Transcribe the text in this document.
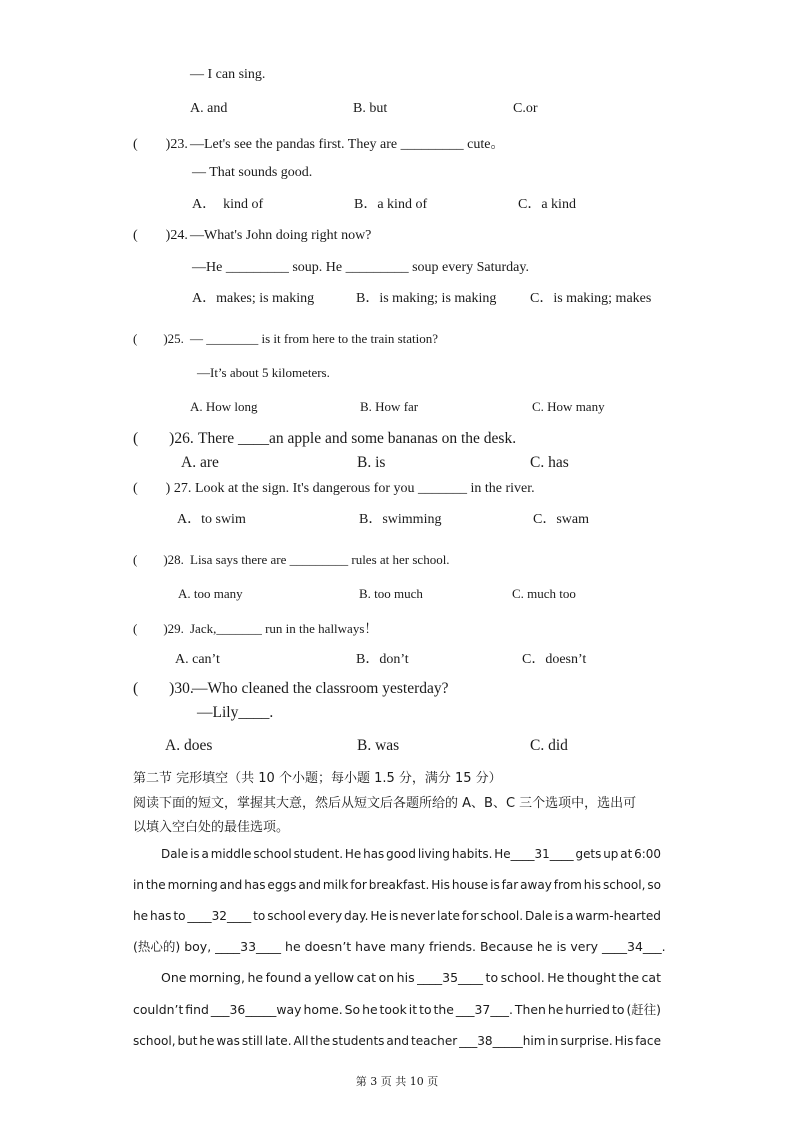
— I can sing.
A. and	B. but	C.or
(　　)23. —Let's see the pandas first. They are _________ cute。
— That sounds good.
A．　kind of	B．a kind of	C．a kind
(　　)24. —What's John doing right now?
—He _________ soup. He _________ soup every Saturday.
A．makes; is making	B．is making; is making C．is making; makes
(　　)25. — ________ is it from here to the train station?
—It’s about 5 kilometers.
A. How long	B. How far	C. How many
(　　)26. There ____an apple and some bananas on the desk.
A. are	B. is	C. has
(　　) 27. Look at the sign. It's dangerous for you _______ in the river.
A．to swim	B．swimming	C．swam
(　　)28. Lisa says there are _________ rules at her school.
A. too many	B. too much	C. much too
(　　)29. Jack,_______ run in the hallways！
A. can’t	B．don’t	C．doesn’t
(　　)30.
—Who cleaned the classroom yesterday?
—Lily____.
A. does	B. was	C. did
第二节 完形填空（共 10 个小题；每小题 1.5 分，满分 15 分）
阅读下面的短文，掌握其大意，然后从短文后各题所给的 A、B、C 三个选项中，选出可
以填入空白处的最佳选项。
Dale is a middle school student. He has good living habits. He____31____ gets up at 6:00
in the morning and has eggs and milk for breakfast. His house is far away from his school, so
he has to ____32____ to school every day. He is never late for school. Dale is a warm-hearted
(热心的) boy, ____33____ he doesn’t have many friends. Because he is very ____34___.
One morning, he found a yellow cat on his ____35____ to school. He thought the cat
couldn’t find ___36_____way home. So he took it to the ___37___. Then he hurried to (赶往)
school, but he was still late. All the students and teacher ___38_____him in surprise. His face
第 3 页 共 10 页
